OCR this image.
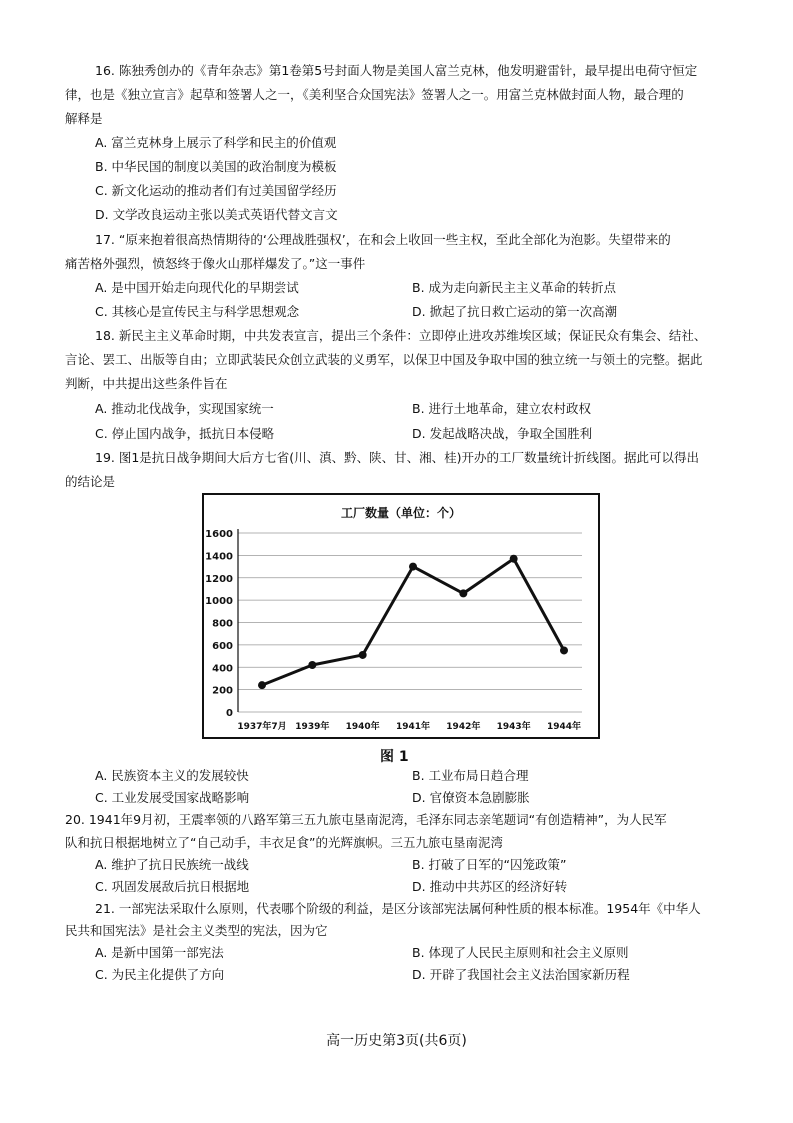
16. 陈独秀创办的《青年杂志》第1卷第5号封面人物是美国人富兰克林，他发明避雷针，最早提出电荷守恒定
律，也是《独立宣言》起草和签署人之一，《美利坚合众国宪法》签署人之一。用富兰克林做封面人物，最合理的
解释是
A. 富兰克林身上展示了科学和民主的价值观
B. 中华民国的制度以美国的政治制度为模板
C. 新文化运动的推动者们有过美国留学经历
D. 文学改良运动主张以美式英语代替文言文
17. “原来抱着很高热情期待的‘公理战胜强权’，在和会上收回一些主权，至此全部化为泡影。失望带来的
痛苦格外强烈，愤怒终于像火山那样爆发了。”这一事件
A. 是中国开始走向现代化的早期尝试	B. 成为走向新民主主义革命的转折点
C. 其核心是宣传民主与科学思想观念	D. 掀起了抗日救亡运动的第一次高潮
18. 新民主主义革命时期，中共发表宣言，提出三个条件：立即停止进攻苏维埃区域；保证民众有集会、结社、
言论、罢工、出版等自由；立即武装民众创立武装的义勇军，以保卫中国及争取中国的独立统一与领土的完整。据此
判断，中共提出这些条件旨在
A. 推动北伐战争，实现国家统一	B. 进行土地革命，建立农村政权
C. 停止国内战争，抵抗日本侵略	D. 发起战略决战，争取全国胜利
19. 图1是抗日战争期间大后方七省(川、滇、黔、陕、甘、湘、桂)开办的工厂数量统计折线图。据此可以得出
的结论是
工厂数量（单位：个）
0
200
400
600
800
1000
1200
1400
1600
1937年7月 1939年 1940年 1941年 1942年 1943年 1944年
图 1
A. 民族资本主义的发展较快	B. 工业布局日趋合理
C. 工业发展受国家战略影响	D. 官僚资本急剧膨胀
20. 1941年9月初，王震率领的八路军第三五九旅屯垦南泥湾，毛泽东同志亲笔题词“有创造精神”，为人民军
队和抗日根据地树立了“自己动手，丰衣足食”的光辉旗帜。三五九旅屯垦南泥湾
A. 维护了抗日民族统一战线	B. 打破了日军的“囚笼政策”
C. 巩固发展敌后抗日根据地	D. 推动中共苏区的经济好转
21. 一部宪法采取什么原则，代表哪个阶级的利益，是区分该部宪法属何种性质的根本标准。1954年《中华人
民共和国宪法》是社会主义类型的宪法，因为它
A. 是新中国第一部宪法	B. 体现了人民民主原则和社会主义原则
C. 为民主化提供了方向	D. 开辟了我国社会主义法治国家新历程
高一历史第3页(共6页)
